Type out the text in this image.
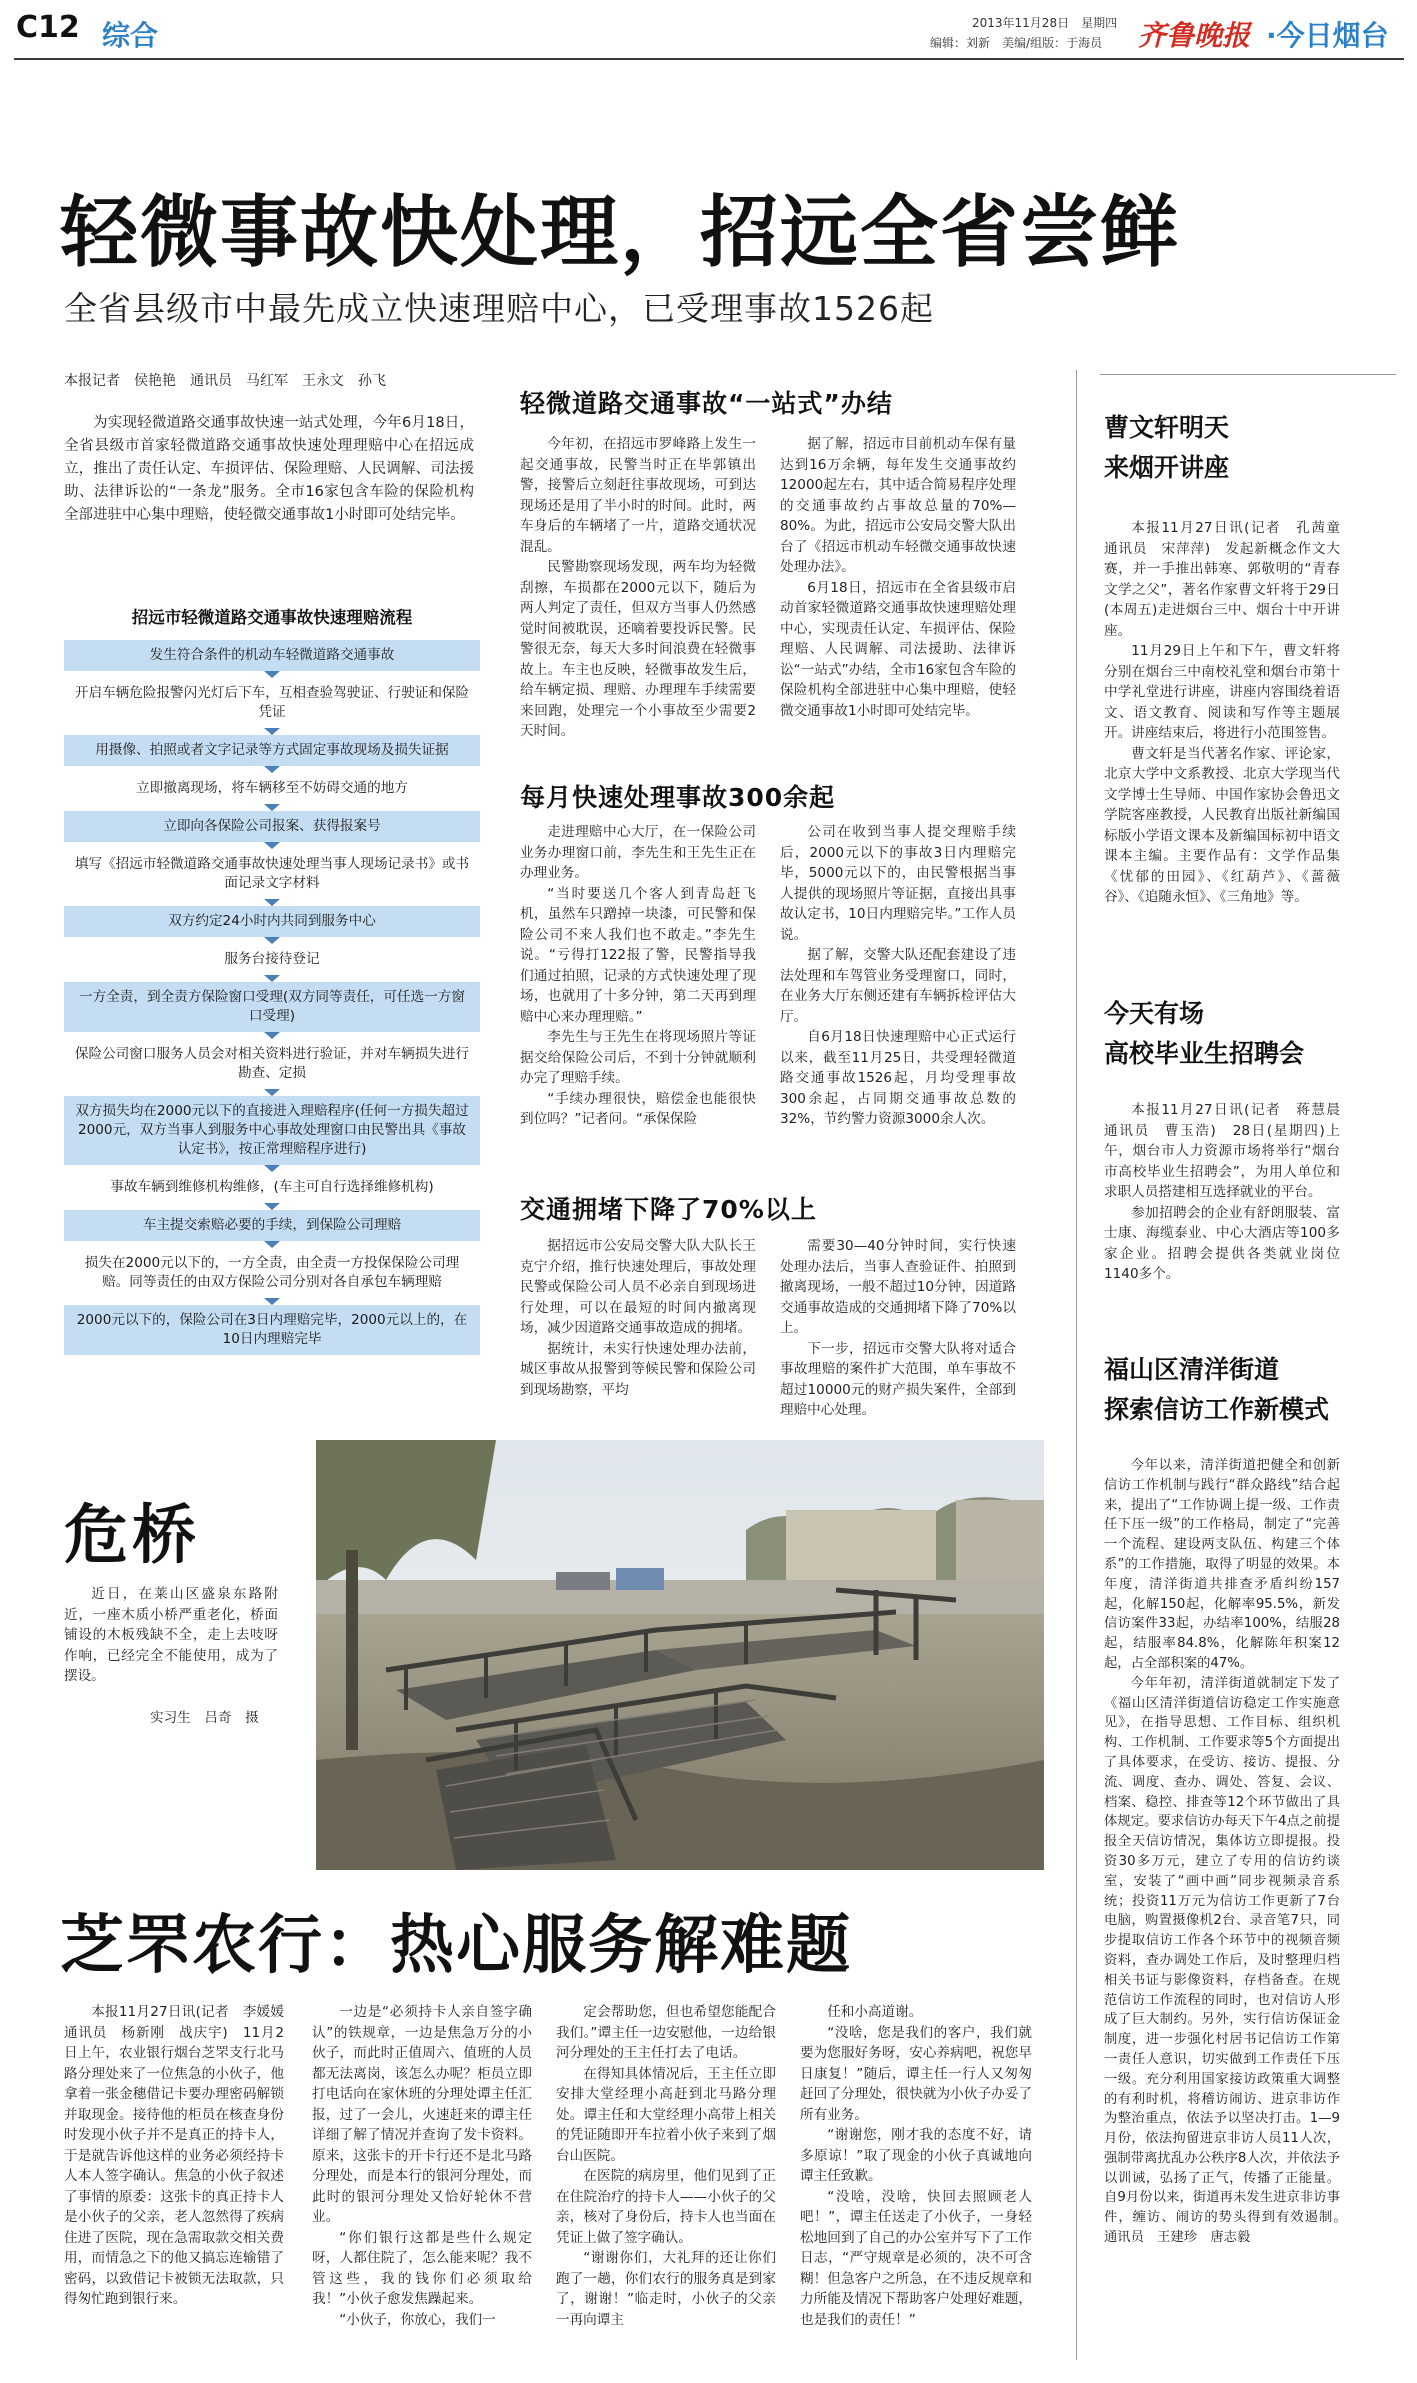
C12 综合	2013年11月28日　 星期四
编辑：刘新　 美编/组版：于海员 齐鲁晚报 ·今日烟台
轻微事故快处理，招远全省尝鲜
全省县级市中最先成立快速理赔中心，已受理事故1526起
本报记者　侯艳艳　通讯员　马红军　王永文　孙飞

为实现轻微道路交通事故快速一站式处理，今年6月18日，全省县级市首家轻微道路交通事故快速处理理赔中心在招远成立，推出了责任认定、车损评估、保险理赔、人民调解、司法援助、法律诉讼的“一条龙”服务。全市16家包含车险的保险机构全部进驻中心集中理赔，使轻微交通事故1小时即可处结完毕。

招远市轻微道路交通事故快速理赔流程
发生符合条件的机动车轻微道路交通事故
开启车辆危险报警闪光灯后下车，互相查验驾驶证、行驶证和保险凭证
用摄像、拍照或者文字记录等方式固定事故现场及损失证据
立即撤离现场，将车辆移至不妨碍交通的地方
立即向各保险公司报案、获得报案号
填写《招远市轻微道路交通事故快速处理当事人现场记录书》或书面记录文字材料
双方约定24小时内共同到服务中心
服务台接待登记
一方全责，到全责方保险窗口受理(双方同等责任，可任选一方窗口受理)
保险公司窗口服务人员会对相关资料进行验证，并对车辆损失进行勘查、定损
双方损失均在2000元以下的直接进入理赔程序(任何一方损失超过2000元，双方当事人到服务中心事故处理窗口由民警出具《事故认定书》，按正常理赔程序进行)
事故车辆到维修机构维修，(车主可自行选择维修机构)
车主提交索赔必要的手续，到保险公司理赔
损失在2000元以下的，一方全责，由全责一方投保保险公司理赔。同等责任的由双方保险公司分别对各自承包车辆理赔
2000元以下的，保险公司在3日内理赔完毕，2000元以上的，在10日内理赔完毕
轻微道路交通事故“一站式”办结

今年初，在招远市罗峰路上发生一起交通事故，民警当时正在毕郭镇出警，接警后立刻赶往事故现场，可到达现场还是用了半小时的时间。此时，两车身后的车辆堵了一片，道路交通状况混乱。

民警勘察现场发现，两车均为轻微刮擦，车损都在2000元以下，随后为两人判定了责任，但双方当事人仍然感觉时间被耽误，还嘀着要投诉民警。民警很无奈，每天大多时间浪费在轻微事故上。车主也反映，轻微事故发生后，给车辆定损、理赔、办理理车手续需要来回跑，处理完一个小事故至少需要2天时间。

据了解，招远市目前机动车保有量达到16万余辆，每年发生交通事故约12000起左右，其中适合简易程序处理的交通事故约占事故总量的70%—80%。为此，招远市公安局交警大队出台了《招远市机动车轻微交通事故快速处理办法》。

6月18日，招远市在全省县级市启动首家轻微道路交通事故快速理赔处理中心，实现责任认定、车损评估、保险理赔、人民调解、司法援助、法律诉讼“一站式”办结，全市16家包含车险的保险机构全部进驻中心集中理赔，使轻微交通事故1小时即可处结完毕。

每月快速处理事故300余起

走进理赔中心大厅，在一保险公司业务办理窗口前，李先生和王先生正在办理业务。

“当时要送几个客人到青岛赶飞机，虽然车只蹭掉一块漆，可民警和保险公司不来人我们也不敢走。”李先生说。“亏得打122报了警，民警指导我们通过拍照，记录的方式快速处理了现场，也就用了十多分钟，第二天再到理赔中心来办理理赔。”

李先生与王先生在将现场照片等证据交给保险公司后，不到十分钟就顺利办完了理赔手续。

“手续办理很快，赔偿金也能很快到位吗？”记者问。“承保保险

公司在收到当事人提交理赔手续后，2000元以下的事故3日内理赔完毕，5000元以下的，由民警根据当事人提供的现场照片等证据，直接出具事故认定书，10日内理赔完毕。”工作人员说。

据了解，交警大队还配套建设了违法处理和车驾管业务受理窗口，同时，在业务大厅东侧还建有车辆拆检评估大厅。

自6月18日快速理赔中心正式运行以来，截至11月25日，共受理轻微道路交通事故1526起，月均受理事故300余起，占同期交通事故总数的32%，节约警力资源3000余人次。

交通拥堵下降了70%以上

据招远市公安局交警大队大队长王克宁介绍，推行快速处理后，事故处理民警或保险公司人员不必亲自到现场进行处理，可以在最短的时间内撤离现场，减少因道路交通事故造成的拥堵。

据统计，未实行快速处理办法前，城区事故从报警到等候民警和保险公司到现场勘察，平均

需要30—40分钟时间，实行快速处理办法后，当事人查验证件、拍照到撤离现场，一般不超过10分钟，因道路交通事故造成的交通拥堵下降了70%以上。

下一步，招远市交警大队将对适合事故理赔的案件扩大范围，单车事故不超过10000元的财产损失案件，全部到理赔中心处理。

危桥

近日，在莱山区盛泉东路附近，一座木质小桥严重老化，桥面铺设的木板残缺不全，走上去吱呀作响，已经完全不能使用，成为了摆设。

实习生　吕奇　摄
芝罘农行：热心服务解难题

本报11月27日讯(记者　李媛媛　通讯员　杨新刚　战庆宇)　11月2日上午，农业银行烟台芝罘支行北马路分理处来了一位焦急的小伙子，他拿着一张金穗借记卡要办理密码解锁并取现金。接待他的柜员在核查身份时发现小伙子并不是真正的持卡人，于是就告诉他这样的业务必须经持卡人本人签字确认。焦急的小伙子叙述了事情的原委：这张卡的真正持卡人是小伙子的父亲，老人忽然得了疾病住进了医院，现在急需取款交相关费用，而情急之下的他又搞忘连输错了密码，以致借记卡被锁无法取款，只得匆忙跑到银行来。

一边是“必须持卡人亲自签字确认”的铁规章，一边是焦急万分的小伙子，而此时正值周六、值班的人员都无法离岗，该怎么办呢？柜员立即打电话向在家休班的分理处谭主任汇报，过了一会儿，火速赶来的谭主任详细了解了情况并查询了发卡资料。原来，这张卡的开卡行还不是北马路分理处，而是本行的银河分理处，而此时的银河分理处又恰好轮休不营业。

“你们银行这都是些什么规定呀，人都住院了，怎么能来呢？我不管这些，我的钱你们必须取给我！”小伙子愈发焦躁起来。

“小伙子，你放心，我们一

定会帮助您，但也希望您能配合我们。”谭主任一边安慰他，一边给银河分理处的王主任打去了电话。

在得知具体情况后，王主任立即安排大堂经理小高赶到北马路分理处。谭主任和大堂经理小高带上相关的凭证随即开车拉着小伙子来到了烟台山医院。

在医院的病房里，他们见到了正在住院治疗的持卡人——小伙子的父亲，核对了身份后，持卡人也当面在凭证上做了签字确认。

“谢谢你们，大礼拜的还让你们跑了一趟，你们农行的服务真是到家了，谢谢！”临走时，小伙子的父亲一再向谭主

任和小高道谢。

“没啥，您是我们的客户，我们就要为您服好务呀，安心养病吧，祝您早日康复！”随后，谭主任一行人又匆匆赶回了分理处，很快就为小伙子办妥了所有业务。

“谢谢您，刚才我的态度不好，请多原谅！”取了现金的小伙子真诚地向谭主任致歉。

“没啥，没啥，快回去照顾老人吧！”，谭主任送走了小伙子，一身轻松地回到了自己的办公室并写下了工作日志，“严守规章是必须的，决不可含糊！但急客户之所急，在不违反规章和力所能及情况下帮助客户处理好难题，也是我们的责任！”

曹文轩明天
来烟开讲座

本报11月27日讯(记者　孔茜童　通讯员　宋萍萍)　发起新概念作文大赛，并一手推出韩寒、郭敬明的“青春文学之父”，著名作家曹文轩将于29日(本周五)走进烟台三中、烟台十中开讲座。

11月29日上午和下午，曹文轩将分别在烟台三中南校礼堂和烟台市第十中学礼堂进行讲座，讲座内容围绕着语文、语文教育、阅读和写作等主题展开。讲座结束后，将进行小范围签售。

曹文轩是当代著名作家、评论家，北京大学中文系教授、北京大学现当代文学博士生导师、中国作家协会鲁迅文学院客座教授，人民教育出版社新编国标版小学语文课本及新编国标初中语文课本主编。主要作品有：文学作品集《忧郁的田园》、《红葫芦》、《蔷薇谷》、《追随永恒》、《三角地》等。

今天有场
高校毕业生招聘会

本报11月27日讯(记者　蒋慧晨　通讯员　曹玉浩)　28日(星期四)上午，烟台市人力资源市场将举行“烟台市高校毕业生招聘会”，为用人单位和求职人员搭建相互选择就业的平台。

参加招聘会的企业有舒朗服装、富士康、海缆泰业、中心大酒店等100多家企业。招聘会提供各类就业岗位1140多个。

福山区清洋街道
探索信访工作新模式

今年以来，清洋街道把健全和创新信访工作机制与践行“群众路线”结合起来，提出了“工作协调上提一级、工作责任下压一级”的工作格局，制定了“完善一个流程、建设两支队伍、构建三个体系”的工作措施，取得了明显的效果。本年度，清洋街道共排查矛盾纠纷157起，化解150起，化解率95.5%，新发信访案件33起，办结率100%，结服28起，结服率84.8%，化解陈年积案12起，占全部积案的47%。

今年年初，清洋街道就制定下发了《福山区清洋街道信访稳定工作实施意见》，在指导思想、工作目标、组织机构、工作机制、工作要求等5个方面提出了具体要求，在受访、接访、提报、分流、调度、查办、调处、答复、会议、档案、稳控、排查等12个环节做出了具体规定。要求信访办每天下午4点之前提报全天信访情况，集体访立即提报。投资30多万元，建立了专用的信访约谈室，安装了“画中画”同步视频录音系统；投资11万元为信访工作更新了7台电脑，购置摄像机2台、录音笔7只，同步提取信访工作各个环节中的视频音频资料，查办调处工作后，及时整理归档相关书证与影像资料，存档备查。在规范信访工作流程的同时，也对信访人形成了巨大制约。另外，实行信访保证金制度，进一步强化村居书记信访工作第一责任人意识，切实做到工作责任下压一级。充分利用国家接访政策重大调整的有利时机，将稽访闹访、进京非访作为整治重点，依法予以坚决打击。1—9月份，依法拘留进京非访人员11人次，强制带离扰乱办公秩序8人次，并依法予以训诫，弘扬了正气，传播了正能量。自9月份以来，街道再未发生进京非访事件，缠访、闹访的势头得到有效遏制。　通讯员　王建珍　唐志毅
